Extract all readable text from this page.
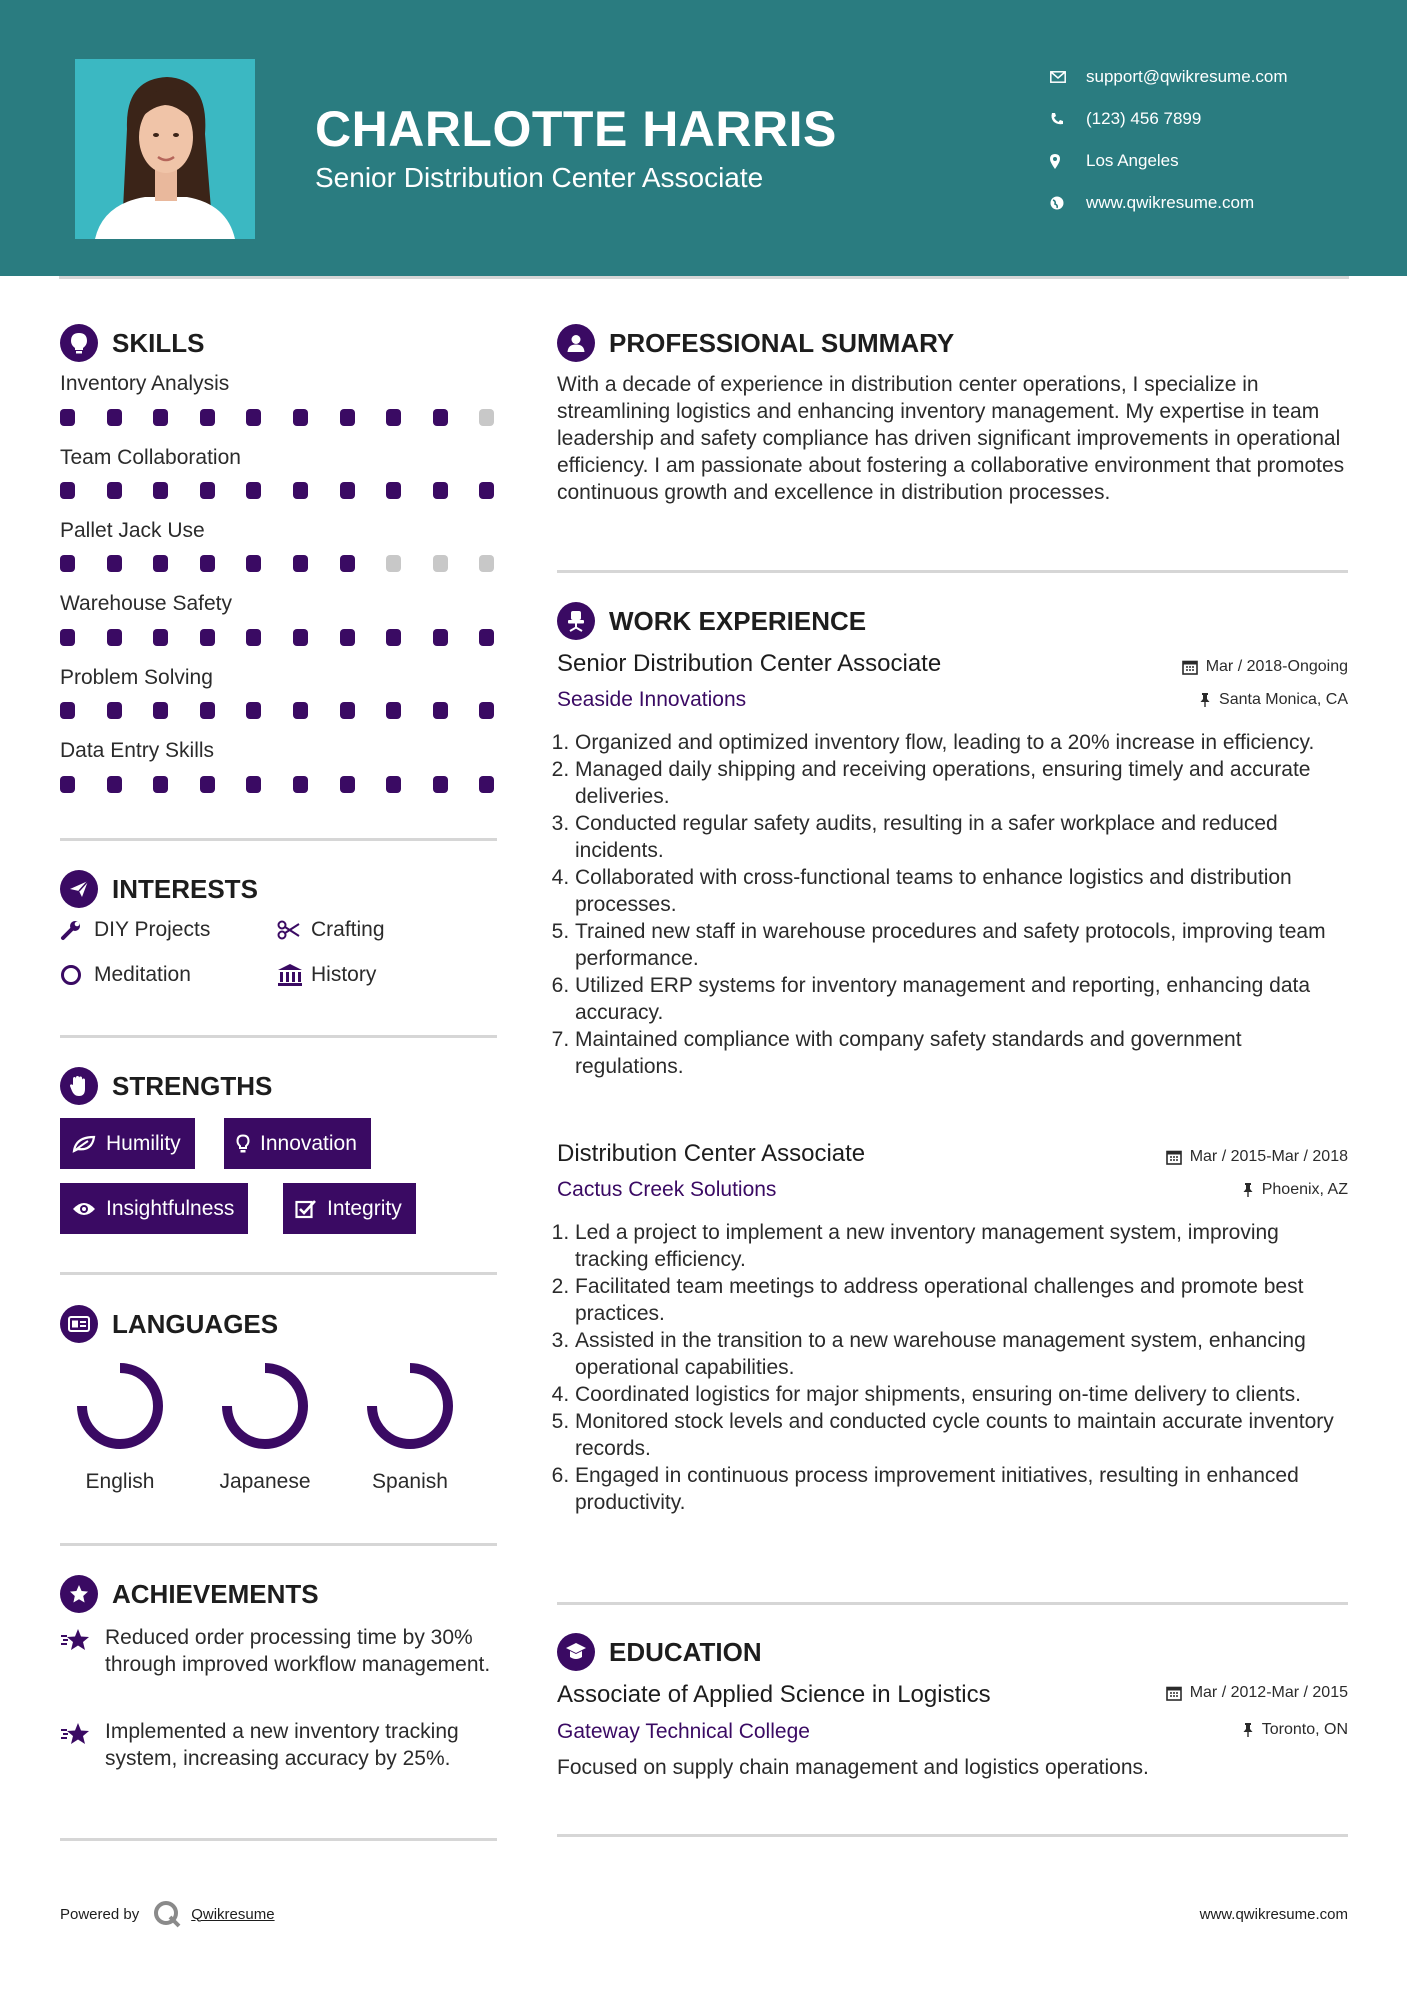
CHARLOTTE HARRIS
Senior Distribution Center Associate
support@qwikresume.com
(123) 456 7899
Los Angeles
www.qwikresume.com
SKILLS
Inventory Analysis
Team Collaboration
Pallet Jack Use
Warehouse Safety
Problem Solving
Data Entry Skills
INTERESTS
DIY Projects	Crafting
Meditation	History
STRENGTHS
Humility	Innovation
Insightfulness	Integrity
LANGUAGES
English	Japanese	Spanish
ACHIEVEMENTS
Reduced order processing time by 30% through improved workflow management.
Implemented a new inventory tracking system, increasing accuracy by 25%.
PROFESSIONAL SUMMARY
With a decade of experience in distribution center operations, I specialize in streamlining logistics and enhancing inventory management. My expertise in team leadership and safety compliance has driven significant improvements in operational efficiency. I am passionate about fostering a collaborative environment that promotes continuous growth and excellence in distribution processes.
WORK EXPERIENCE
Senior Distribution Center Associate	Mar / 2018-Ongoing
Seaside Innovations	Santa Monica, CA
1. Organized and optimized inventory flow, leading to a 20% increase in efficiency.
2. Managed daily shipping and receiving operations, ensuring timely and accurate deliveries.
3. Conducted regular safety audits, resulting in a safer workplace and reduced incidents.
4. Collaborated with cross-functional teams to enhance logistics and distribution processes.
5. Trained new staff in warehouse procedures and safety protocols, improving team performance.
6. Utilized ERP systems for inventory management and reporting, enhancing data accuracy.
7. Maintained compliance with company safety standards and government regulations.
Distribution Center Associate	Mar / 2015-Mar / 2018
Cactus Creek Solutions	Phoenix, AZ
1. Led a project to implement a new inventory management system, improving tracking efficiency.
2. Facilitated team meetings to address operational challenges and promote best practices.
3. Assisted in the transition to a new warehouse management system, enhancing operational capabilities.
4. Coordinated logistics for major shipments, ensuring on-time delivery to clients.
5. Monitored stock levels and conducted cycle counts to maintain accurate inventory records.
6. Engaged in continuous process improvement initiatives, resulting in enhanced productivity.
EDUCATION
Associate of Applied Science in Logistics	Mar / 2012-Mar / 2015
Gateway Technical College	Toronto, ON
Focused on supply chain management and logistics operations.
Powered by	Qwikresume	www.qwikresume.com
